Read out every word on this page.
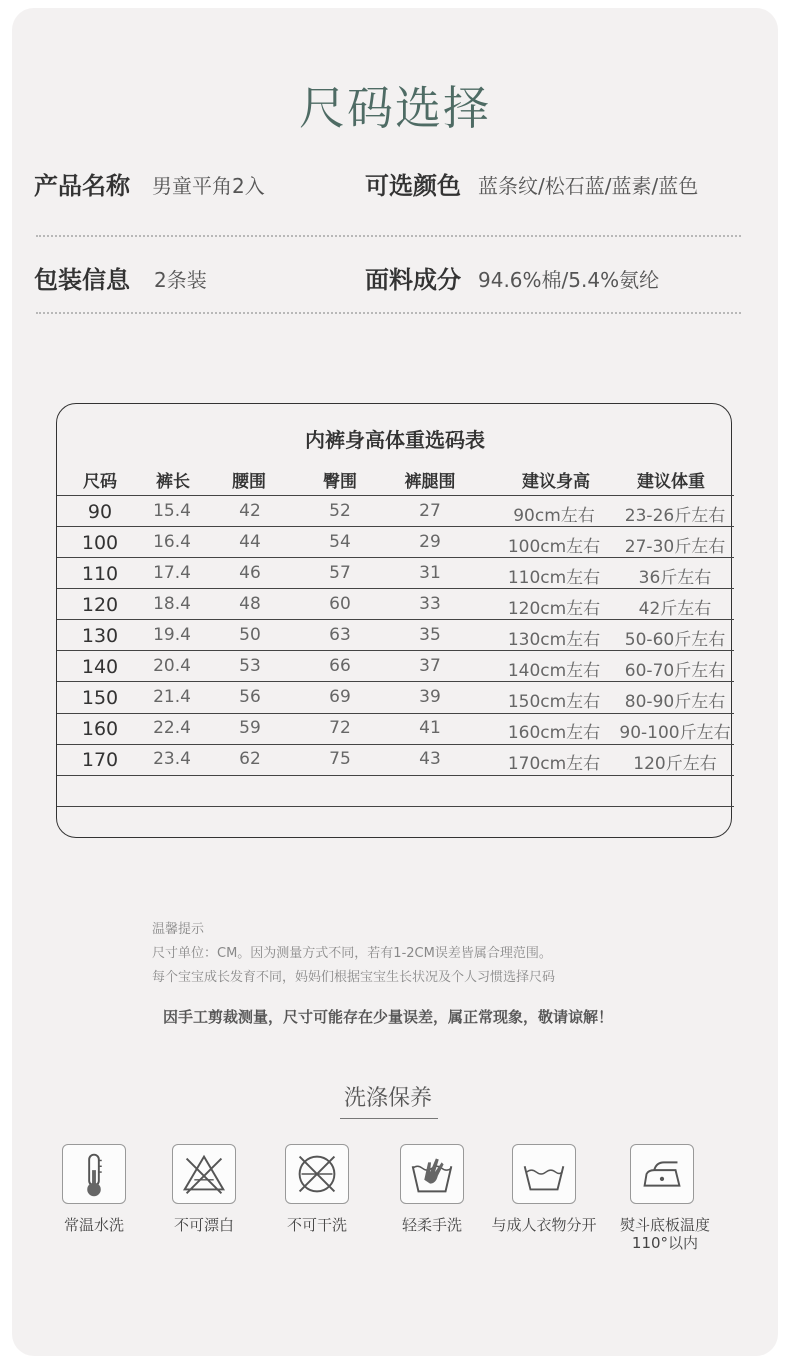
尺码选择
产品名称 男童平角2入	可选颜色 蓝条纹/松石蓝/蓝素/蓝色
包装信息 2条装	面料成分 94.6%棉/5.4%氨纶
内裤身高体重选码表
尺码	裤长	腰围	臀围	裤腿围	建议身高	建议体重
90	15.4	42	52	27	90cm左右	23-26斤左右
100	16.4	44	54	29	100cm左右	27-30斤左右
110	17.4	46	57	31	110cm左右	36斤左右
120	18.4	48	60	33	120cm左右	42斤左右
130	19.4	50	63	35	130cm左右	50-60斤左右
140	20.4	53	66	37	140cm左右	60-70斤左右
150	21.4	56	69	39	150cm左右	80-90斤左右
160	22.4	59	72	41	160cm左右	90-100斤左右
170	23.4	62	75	43	170cm左右	120斤左右
温馨提示
尺寸单位：CM。因为测量方式不同，若有1-2CM误差皆属合理范围。
每个宝宝成长发育不同，妈妈们根据宝宝生长状况及个人习惯选择尺码
因手工剪裁测量，尺寸可能存在少量误差，属正常现象，敬请谅解！
洗涤保养
常温水洗	不可漂白	不可干洗	轻柔手洗	与成人衣物分开	熨斗底板温度
110°以内
